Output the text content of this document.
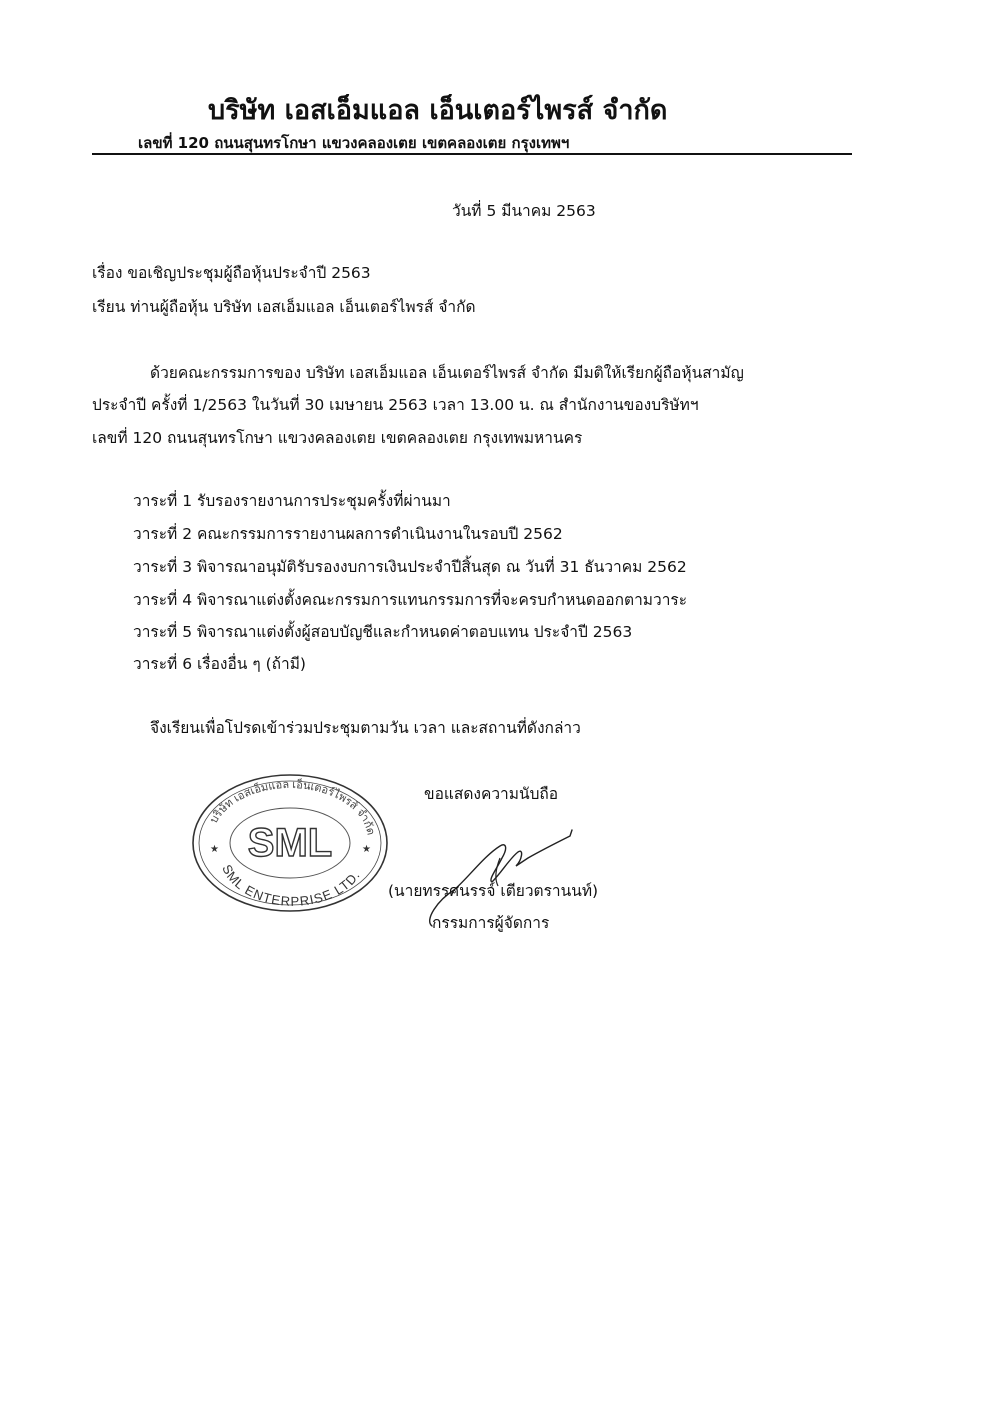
บริษัท เอสเอ็มแอล เอ็นเตอร์ไพรส์ จำกัด
เลขที่ 120 ถนนสุนทรโกษา แขวงคลองเตย เขตคลองเตย กรุงเทพฯ
วันที่ 5 มีนาคม 2563
เรื่อง ขอเชิญประชุมผู้ถือหุ้นประจำปี 2563
เรียน ท่านผู้ถือหุ้น บริษัท เอสเอ็มแอล เอ็นเตอร์ไพรส์ จำกัด
ด้วยคณะกรรมการของ บริษัท เอสเอ็มแอล เอ็นเตอร์ไพรส์ จำกัด มีมติให้เรียกผู้ถือหุ้นสามัญ
ประจำปี ครั้งที่ 1/2563 ในวันที่ 30 เมษายน 2563 เวลา 13.00 น. ณ สำนักงานของบริษัทฯ
เลขที่ 120 ถนนสุนทรโกษา แขวงคลองเตย เขตคลองเตย กรุงเทพมหานคร
วาระที่ 1 รับรองรายงานการประชุมครั้งที่ผ่านมา
วาระที่ 2 คณะกรรมการรายงานผลการดำเนินงานในรอบปี 2562
วาระที่ 3 พิจารณาอนุมัติรับรองงบการเงินประจำปีสิ้นสุด ณ วันที่ 31 ธันวาคม 2562
วาระที่ 4 พิจารณาแต่งตั้งคณะกรรมการแทนกรรมการที่จะครบกำหนดออกตามวาระ
วาระที่ 5 พิจารณาแต่งตั้งผู้สอบบัญชีและกำหนดค่าตอบแทน ประจำปี 2563
วาระที่ 6 เรื่องอื่น ๆ (ถ้ามี)
จึงเรียนเพื่อโปรดเข้าร่วมประชุมตามวัน เวลา และสถานที่ดังกล่าว
ขอแสดงความนับถือ
บริษัท เอสเอ็มแอล เอ็นเตอร์ไพรส์ จำกัด
SML ENTERPRISE LTD.
SML
★	★
(นายทรรศนรรจ์ เตียวตรานนท์)
กรรมการผู้จัดการ
